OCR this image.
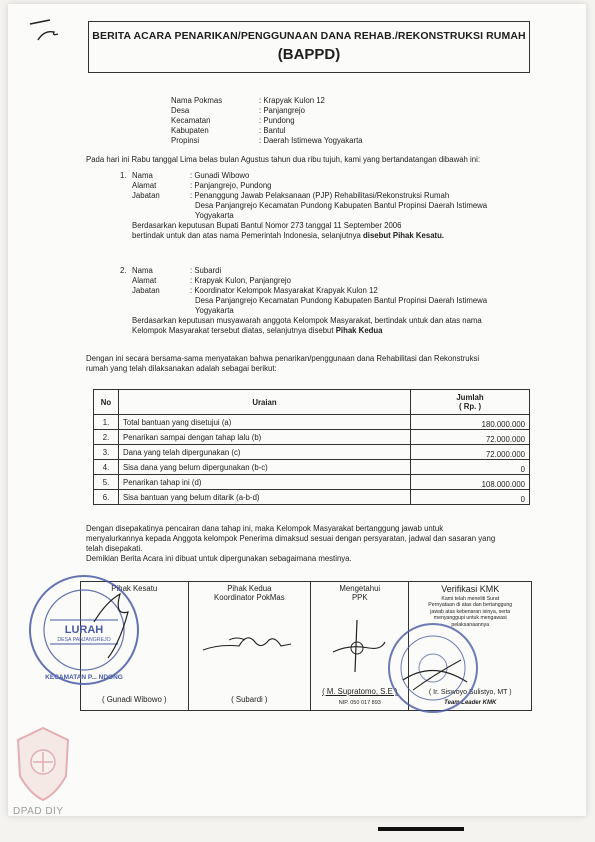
BERITA ACARA PENARIKAN/PENGGUNAAN DANA REHAB./REKONSTRUKSI RUMAH
(BAPPD)
Nama Pokmas	: Krapyak Kulon 12
Desa	: Panjangrejo
Kecamatan	: Pundong
Kabupaten	: Bantul
Propinsi	: Daerah Istimewa Yogyakarta
Pada hari ini Rabu tanggal Lima belas bulan Agustus tahun dua ribu tujuh, kami yang bertandatangan dibawah ini:
1. Nama	: Gunadi Wibowo
Alamat	: Panjangrejo, Pundong
Jabatan	: Penanggung Jawab Pelaksanaan (PJP) Rehabilitasi/Rekonstruksi Rumah
Desa Panjangrejo Kecamatan Pundong Kabupaten Bantul Propinsi Daerah Istimewa
Yogyakarta
Berdasarkan keputusan Bupati Bantul Nomor 273 tanggal 11 September 2006
bertindak untuk dan atas nama Pemerintah Indonesia, selanjutnya disebut Pihak Kesatu.
2. Nama	: Subardi
Alamat	: Krapyak Kulon, Panjangrejo
Jabatan	: Koordinator Kelompok Masyarakat Krapyak Kulon 12
Desa Panjangrejo Kecamatan Pundong Kabupaten Bantul Propinsi Daerah Istimewa
Yogyakarta
Berdasarkan keputusan musyawarah anggota Kelompok Masyarakat, bertindak untuk dan atas nama
Kelompok Masyarakat tersebut diatas, selanjutnya disebut Pihak Kedua
Dengan ini secara bersama-sama menyatakan bahwa penarikan/penggunaan dana Rehabilitasi dan Rekonstruksi
rumah yang telah dilaksanakan adalah sebagai berikut:
No	Uraian	Jumlah
( Rp. )

1.	Total bantuan yang disetujui (a)	180.000.000
2.	Penarikan sampai dengan tahap lalu (b)	72.000.000
3.	Dana yang telah dipergunakan (c)	72.000.000
4.	Sisa dana yang belum dipergunakan (b-c)	0
5.	Penarikan tahap ini (d)	108.000.000
6.	Sisa bantuan yang belum ditarik (a-b-d)	0
Dengan disepakatinya pencairan dana tahap ini, maka Kelompok Masyarakat bertanggung jawab untuk
menyalurkannya kepada Anggota kelompok Penerima dimaksud sesuai dengan persyaratan, jadwal dan sasaran yang
telah disepakati.
Demikian Berita Acara ini dibuat untuk dipergunakan sebagaimana mestinya.
Pihak Kesatu
( Gunadi Wibowo )

Pihak Kedua
Koordinator PokMas
( Subardi )

Mengetahui
PPK
( M. Supratomo, S.E )
NIP. 050 017 893

Verifikasi KMK
Kami telah meneliti Surat
Pernyataan di atas dan bertanggung
jawab atas kebenaran isinya, serta
menyanggupi untuk mengawasi
pelaksanaannya
( Ir. Siswoyo Sulistyo, MT )
Team Leader KMK
LURAH
DESA PANJANGREJO
KECAMATAN P... NDONG
DPAD DIY
